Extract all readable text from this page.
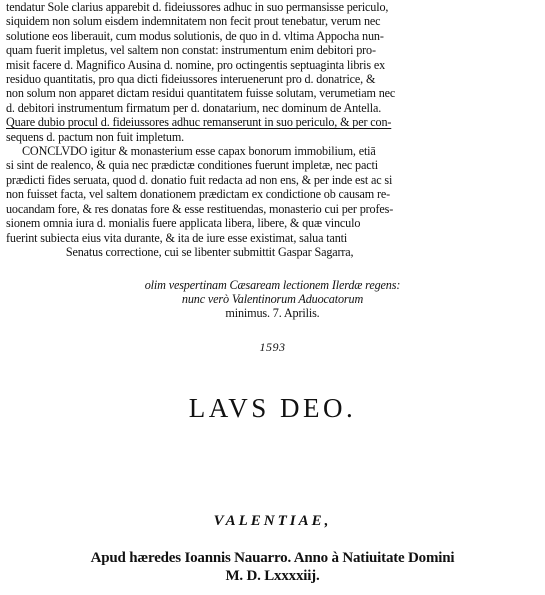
tendatur Sole clarius apparebit d. fideiussores adhuc in suo permansisse periculo,
siquidem non solum eisdem indemnitatem non fecit prout tenebatur, verum nec
solutione eos liberauit, cum modus solutionis, de quo in d. vltima Appocha nun-
quam fuerit impletus, vel saltem non constat: instrumentum enim debitori pro-
misit facere d. Magnifico Ausina d. nomine, pro octingentis septuaginta libris ex
residuo quantitatis, pro qua dicti fideiussores interuenerunt pro d. donatrice, &
non solum non apparet dictam residui quantitatem fuisse solutam, verumetiam nec
d. debitori instrumentum firmatum per d. donatarium, nec dominum de Antella.
Quare dubio procul d. fideiussores adhuc remanserunt in suo periculo, & per con-
sequens d. pactum non fuit impletum.
CONCLVDO igitur & monasterium esse capax bonorum immobilium, etiā
si sint de realenco, & quia nec prædictæ conditiones fuerunt impletæ, nec pacti
prædicti fides seruata, quod d. donatio fuit redacta ad non ens, & per inde est ac si
non fuisset facta, vel saltem donationem prædictam ex condictione ob causam re-
uocandam fore, & res donatas fore & esse restituendas, monasterio cui per profes-
sionem omnia iura d. monialis fuere applicata libera, libere, & quæ vinculo
fuerint subiecta eius vita durante, & ita de iure esse existimat, salua tanti
Senatus correctione, cui se libenter submittit Gaspar Sagarra,
olim vespertinam Cæsaream lectionem Ilerdæ regens:
nunc verò Valentinorum Aduocatorum
minimus. 7. Aprilis.
1593
LAVS DEO.
VALENTIAE,
Apud hæredes Ioannis Nauarro. Anno à Natiuitate Domini
M. D. Lxxxxiij.
